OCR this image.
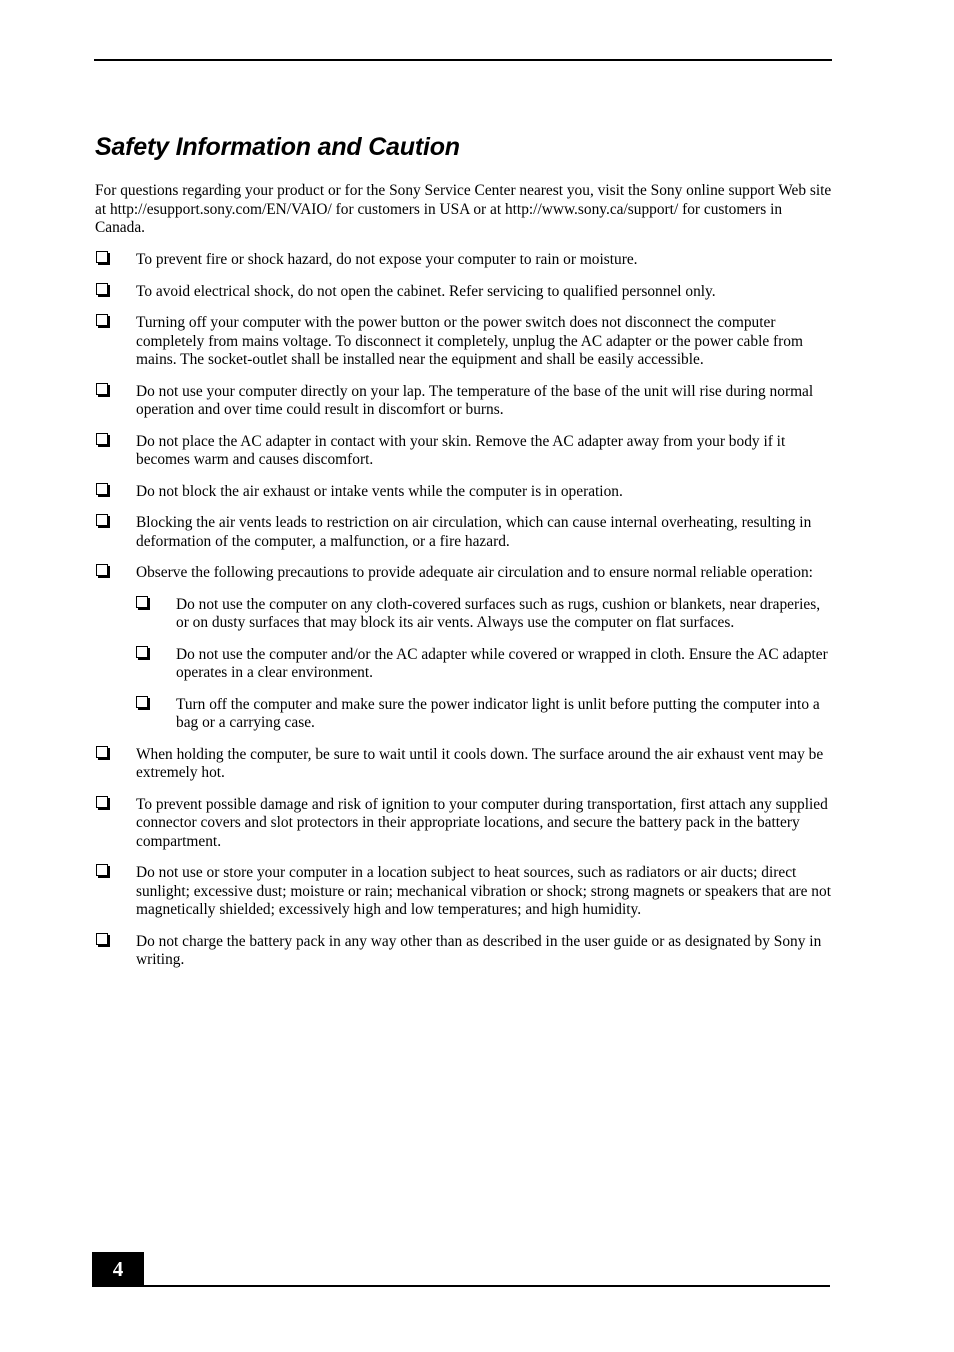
Safety Information and Caution

For questions regarding your product or for the Sony Service Center nearest you, visit the Sony online support Web site at http://esupport.sony.com/EN/VAIO/ for customers in USA or at http://www.sony.ca/support/ for customers in Canada.

To prevent fire or shock hazard, do not expose your computer to rain or moisture.
To avoid electrical shock, do not open the cabinet. Refer servicing to qualified personnel only.
Turning off your computer with the power button or the power switch does not disconnect the computer completely from mains voltage. To disconnect it completely, unplug the AC adapter or the power cable from mains. The socket-outlet shall be installed near the equipment and shall be easily accessible.
Do not use your computer directly on your lap. The temperature of the base of the unit will rise during normal operation and over time could result in discomfort or burns.
Do not place the AC adapter in contact with your skin. Remove the AC adapter away from your body if it becomes warm and causes discomfort.
Do not block the air exhaust or intake vents while the computer is in operation.
Blocking the air vents leads to restriction on air circulation, which can cause internal overheating, resulting in deformation of the computer, a malfunction, or a fire hazard.
Observe the following precautions to provide adequate air circulation and to ensure normal reliable operation:
Do not use the computer on any cloth-covered surfaces such as rugs, cushion or blankets, near draperies, or on dusty surfaces that may block its air vents. Always use the computer on flat surfaces.
Do not use the computer and/or the AC adapter while covered or wrapped in cloth. Ensure the AC adapter operates in a clear environment.
Turn off the computer and make sure the power indicator light is unlit before putting the computer into a bag or a carrying case.
When holding the computer, be sure to wait until it cools down. The surface around the air exhaust vent may be extremely hot.
To prevent possible damage and risk of ignition to your computer during transportation, first attach any supplied connector covers and slot protectors in their appropriate locations, and secure the battery pack in the battery compartment.
Do not use or store your computer in a location subject to heat sources, such as radiators or air ducts; direct sunlight; excessive dust; moisture or rain; mechanical vibration or shock; strong magnets or speakers that are not magnetically shielded; excessively high and low temperatures; and high humidity.
Do not charge the battery pack in any way other than as described in the user guide or as designated by Sony in writing.
4
